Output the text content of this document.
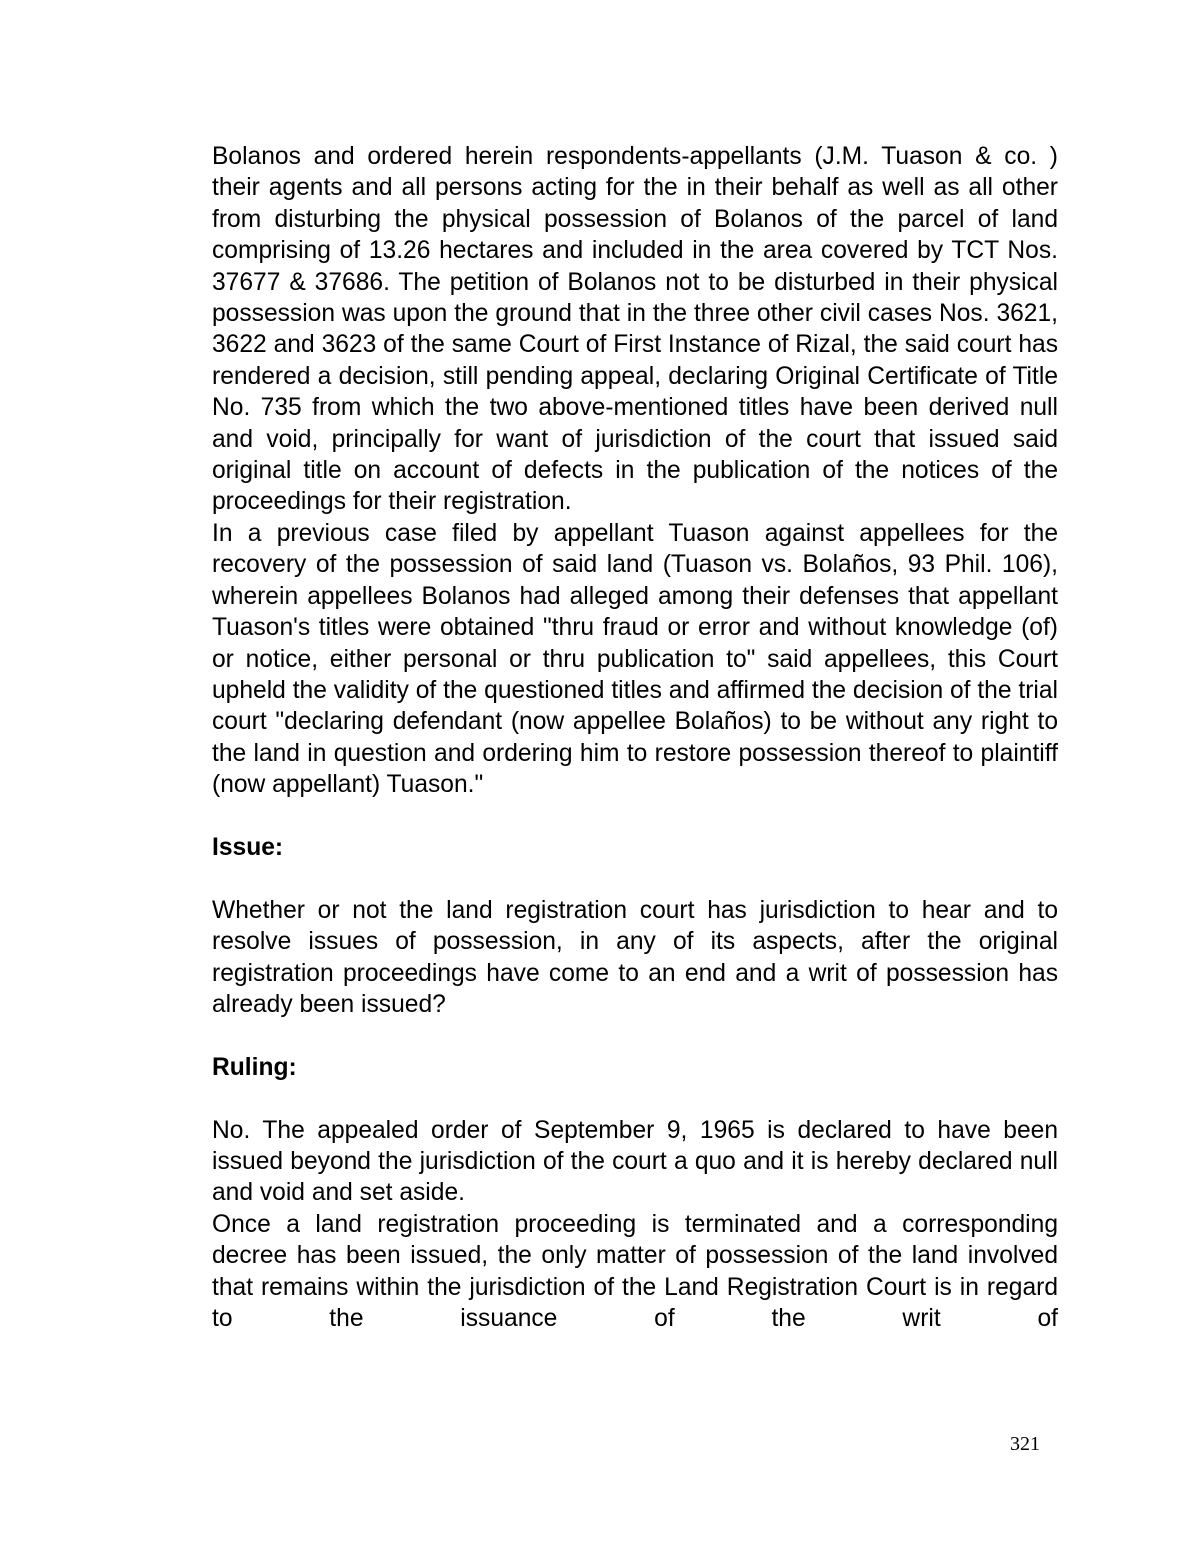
Bolanos and ordered herein respondents-appellants (J.M. Tuason & co. ) their agents and all persons acting for the in their behalf as well as all other from disturbing the physical possession of Bolanos of the parcel of land comprising of 13.26 hectares and included in the area covered by TCT Nos. 37677 & 37686. The petition of Bolanos not to be disturbed in their physical possession was upon the ground that in the three other civil cases Nos. 3621, 3622 and 3623 of the same Court of First Instance of Rizal, the said court has rendered a decision, still pending appeal, declaring Original Certificate of Title No. 735 from which the two above-mentioned titles have been derived null and void, principally for want of jurisdiction of the court that issued said original title on account of defects in the publication of the notices of the proceedings for their registration.

In a previous case filed by appellant Tuason against appellees for the recovery of the possession of said land (Tuason vs. Bolaños, 93 Phil. 106), wherein appellees Bolanos had alleged among their defenses that appellant Tuason's titles were obtained "thru fraud or error and without knowledge (of) or notice, either personal or thru publication to" said appellees, this Court upheld the validity of the questioned titles and affirmed the decision of the trial court "declaring defendant (now appellee Bolaños) to be without any right to the land in question and ordering him to restore possession thereof to plaintiff (now appellant) Tuason."

Issue:

Whether or not the land registration court has jurisdiction to hear and to resolve issues of possession, in any of its aspects, after the original registration proceedings have come to an end and a writ of possession has already been issued?

Ruling:

No. The appealed order of September 9, 1965 is declared to have been issued beyond the jurisdiction of the court a quo and it is hereby declared null and void and set aside.

Once a land registration proceeding is terminated and a corresponding decree has been issued, the only matter of possession of the land involved that remains within the jurisdiction of the Land Registration Court is in regard to the issuance of the writ of

321
